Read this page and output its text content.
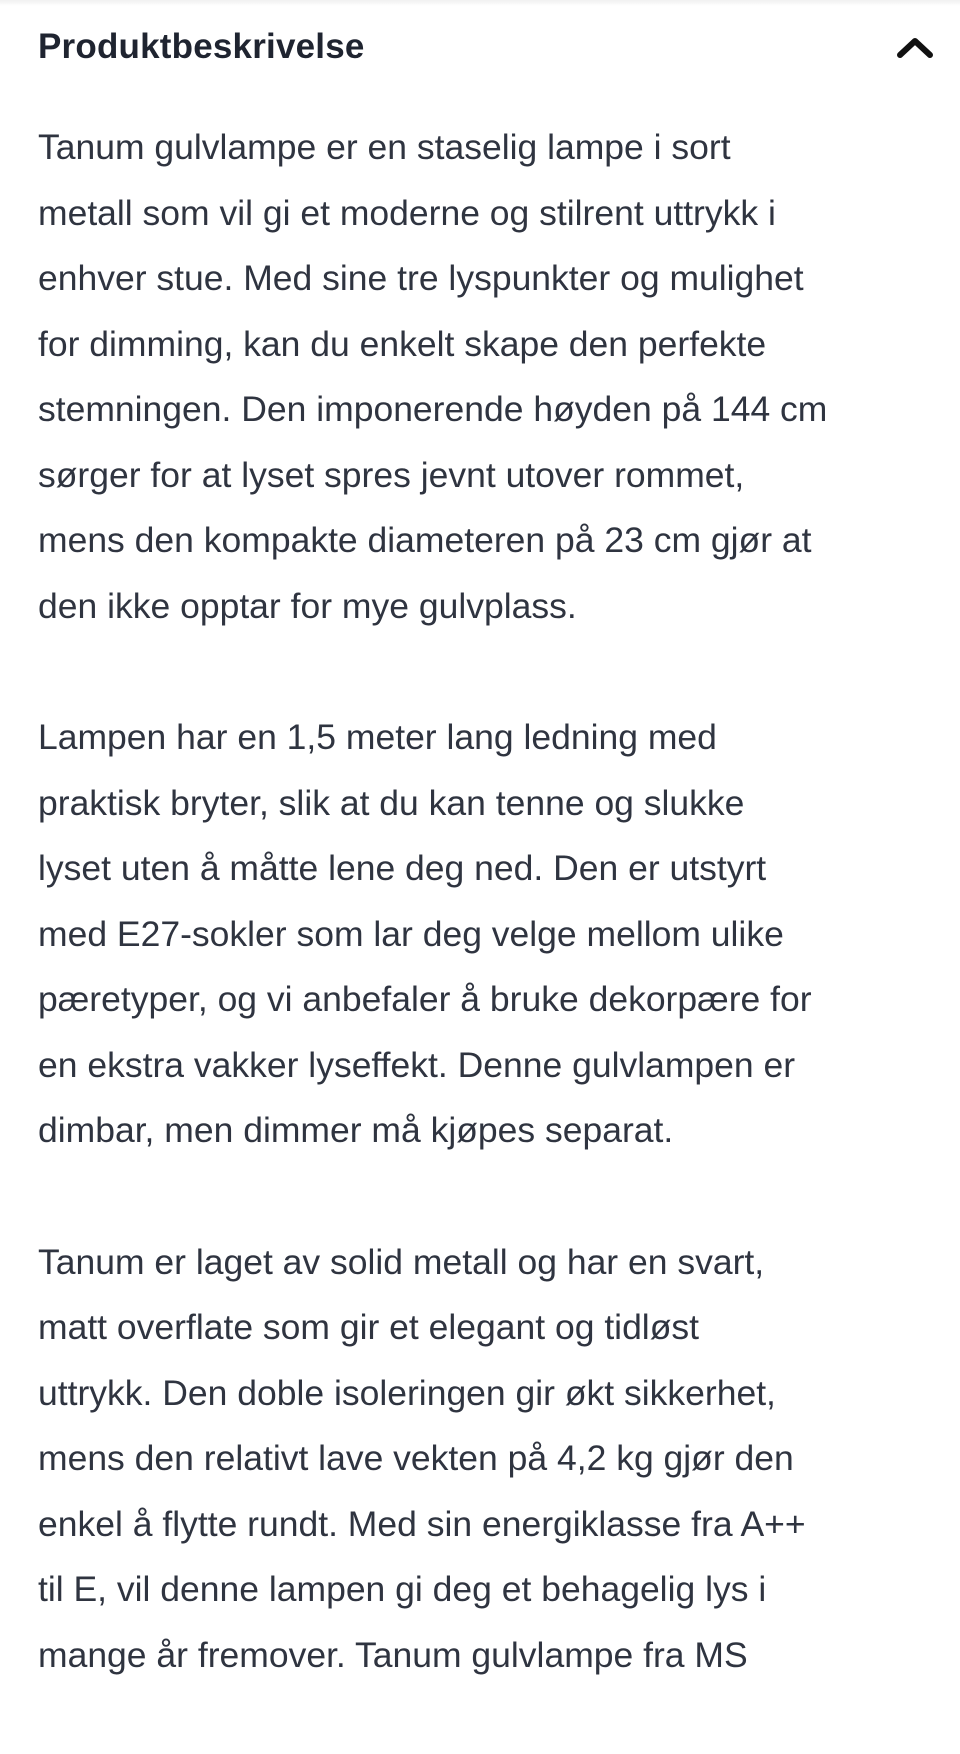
Produktbeskrivelse

Tanum gulvlampe er en staselig lampe i sort
metall som vil gi et moderne og stilrent uttrykk i
enhver stue. Med sine tre lyspunkter og mulighet
for dimming, kan du enkelt skape den perfekte
stemningen. Den imponerende høyden på 144 cm
sørger for at lyset spres jevnt utover rommet,
mens den kompakte diameteren på 23 cm gjør at
den ikke opptar for mye gulvplass.

Lampen har en 1,5 meter lang ledning med
praktisk bryter, slik at du kan tenne og slukke
lyset uten å måtte lene deg ned. Den er utstyrt
med E27-sokler som lar deg velge mellom ulike
pæretyper, og vi anbefaler å bruke dekorpære for
en ekstra vakker lyseffekt. Denne gulvlampen er
dimbar, men dimmer må kjøpes separat.

Tanum er laget av solid metall og har en svart,
matt overflate som gir et elegant og tidløst
uttrykk. Den doble isoleringen gir økt sikkerhet,
mens den relativt lave vekten på 4,2 kg gjør den
enkel å flytte rundt. Med sin energiklasse fra A++
til E, vil denne lampen gi deg et behagelig lys i
mange år fremover. Tanum gulvlampe fra MS
